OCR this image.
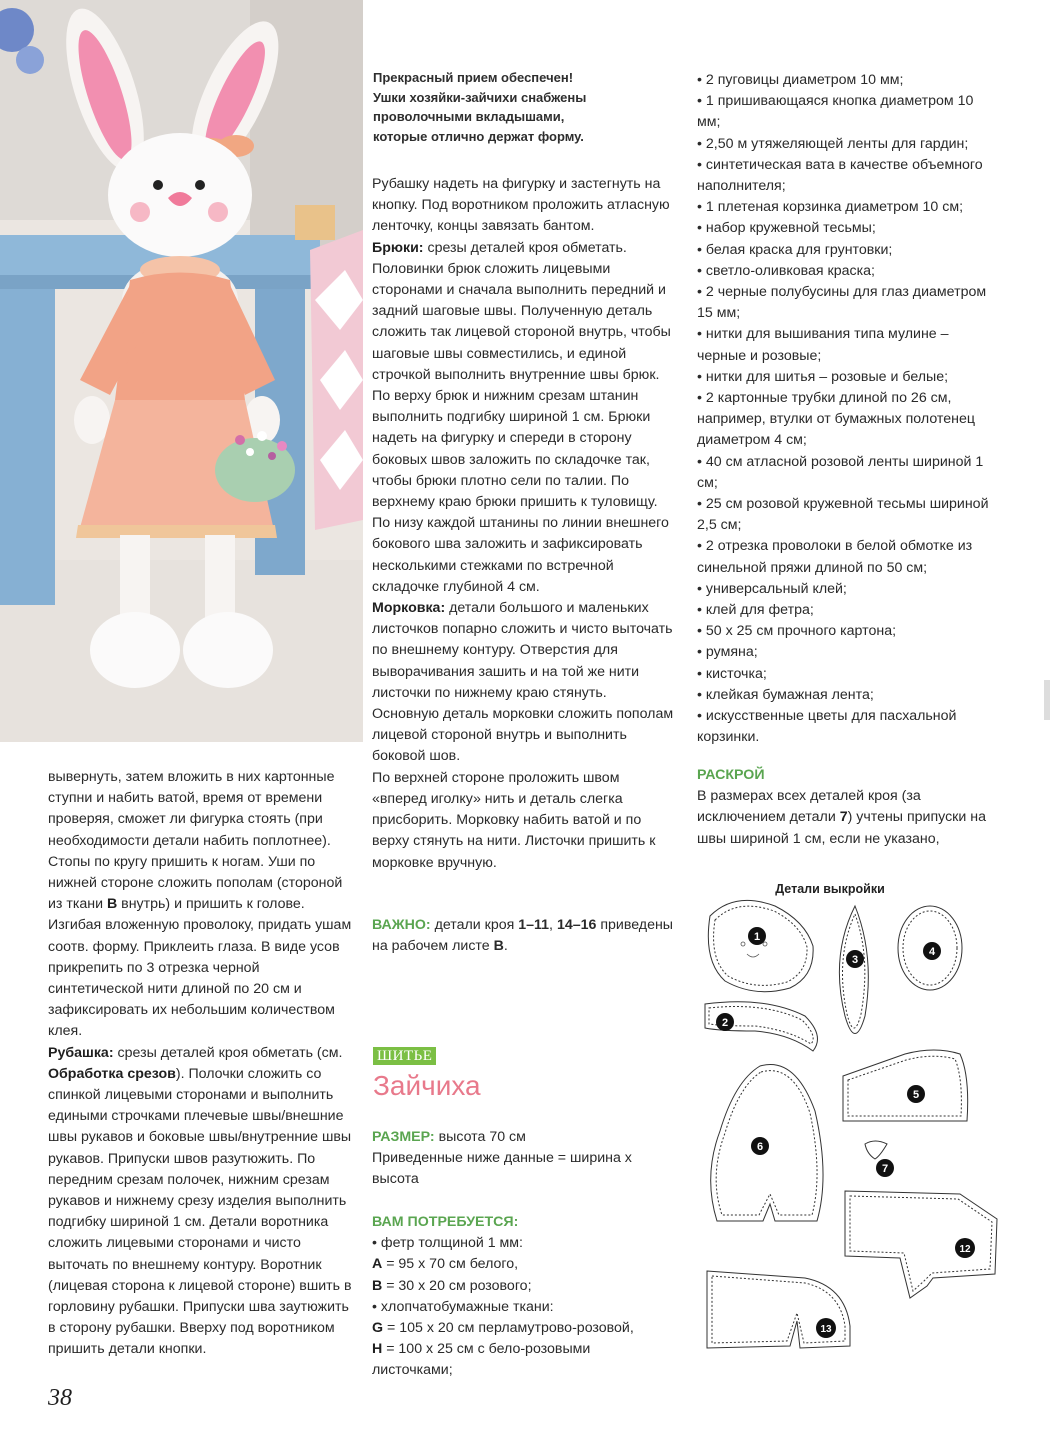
Прекрасный прием обеспечен!
Ушки хозяйки-зайчихи снабжены
проволочными вкладышами,
которые отлично держат форму.

Рубашку надеть на фигурку и застегнуть на кнопку. Под воротником проложить атласную ленточку, концы завязать бантом.

Брюки: срезы деталей кроя обметать. Половинки брюк сложить лицевыми сторонами и сначала выполнить передний и задний шаговые швы. Полученную деталь сложить так лицевой стороной внутрь, чтобы шаговые швы совместились, и единой строчкой выполнить внутренние швы брюк. По верху брюк и нижним срезам штанин выполнить подгибку шириной 1 см. Брюки надеть на фигурку и спереди в сторону боковых швов заложить по складочке так, чтобы брюки плотно сели по талии. По верхнему краю брюки пришить к туловищу. По низу каждой штанины по линии внешнего бокового шва заложить и зафиксировать несколькими стежками по встречной складочке глубиной 4 см.

Морковка: детали большого и маленьких листочков попарно сложить и чисто выточать по внешнему контуру. Отверстия для выворачивания зашить и на той же нити листочки по нижнему краю стянуть. Основную деталь морковки сложить пополам лицевой стороной внутрь и выполнить боковой шов.

По верхней стороне проложить швом «вперед иголку» нить и деталь слегка присборить. Морковку набить ватой и по верху стянуть на нити. Листочки пришить к морковке вручную.

ВАЖНО: детали кроя 1–11, 14–16 приведены на рабочем листе В.
ШИТЬЕ
Зайчиха
РАЗМЕР: высота 70 см
Приведенные ниже данные = ширина х высота
ВАМ ПОТРЕБУЕТСЯ:
• фетр толщиной 1 мм:
А = 95 х 70 см белого,
В = 30 х 20 см розового;
• хлопчатобумажные ткани:
G = 105 х 20 см перламутрово-розовой,
H = 100 х 25 см с бело-розовыми листочками;
• 2 пуговицы диаметром 10 мм;
• 1 пришивающаяся кнопка диаметром 10 мм;
• 2,50 м утяжеляющей ленты для гардин;
• синтетическая вата в качестве объемного наполнителя;
• 1 плетеная корзинка диаметром 10 см;
• набор кружевной тесьмы;
• белая краска для грунтовки;
• светло-оливковая краска;
• 2 черные полубусины для глаз диаметром 15 мм;
• нитки для вышивания типа мулине – черные и розовые;
• нитки для шитья – розовые и белые;
• 2 картонные трубки длиной по 26 см, например, втулки от бумажных полотенец диаметром 4 см;
• 40 см атласной розовой ленты шириной 1 см;
• 25 см розовой кружевной тесьмы шириной 2,5 см;
• 2 отрезка проволоки в белой обмотке из синельной пряжи длиной по 50 см;
• универсальный клей;
• клей для фетра;
• 50 х 25 см прочного картона;
• румяна;
• кисточка;
• клейкая бумажная лента;
• искусственные цветы для пасхальной корзинки.
РАСКРОЙ
В размерах всех деталей кроя (за исключением детали 7) учтены припуски на швы шириной 1 см, если не указано,

вывернуть, затем вложить в них картонные ступни и набить ватой, время от времени проверяя, сможет ли фигурка стоять (при необходимости детали набить поплотнее). Стопы по кругу пришить к ногам. Уши по нижней стороне сложить пополам (стороной из ткани В внутрь) и пришить к голове. Изгибая вложенную проволоку, придать ушам соотв. форму. Приклеить глаза. В виде усов прикрепить по 3 отрезка черной синтетической нити длиной по 20 см и зафиксировать их небольшим количеством клея.

Рубашка: срезы деталей кроя обметать (см. Обработка срезов). Полочки сложить со спинкой лицевыми сторонами и выполнить едиными строчками плечевые швы/внешние швы рукавов и боковые швы/внутренние швы рукавов. Припуски швов разутюжить. По передним срезам полочек, нижним срезам рукавов и нижнему срезу изделия выполнить подгибку шириной 1 см. Детали воротника сложить лицевыми сторонами и чисто выточать по внешнему контуру. Воротник (лицевая сторона к лицевой стороне) вшить в горловину рубашки. Припуски шва заутюжить в сторону рубашки. Вверху под воротником пришить детали кнопки.

Детали выкройки
1
2
3
4
5
6
7
12
13
38
